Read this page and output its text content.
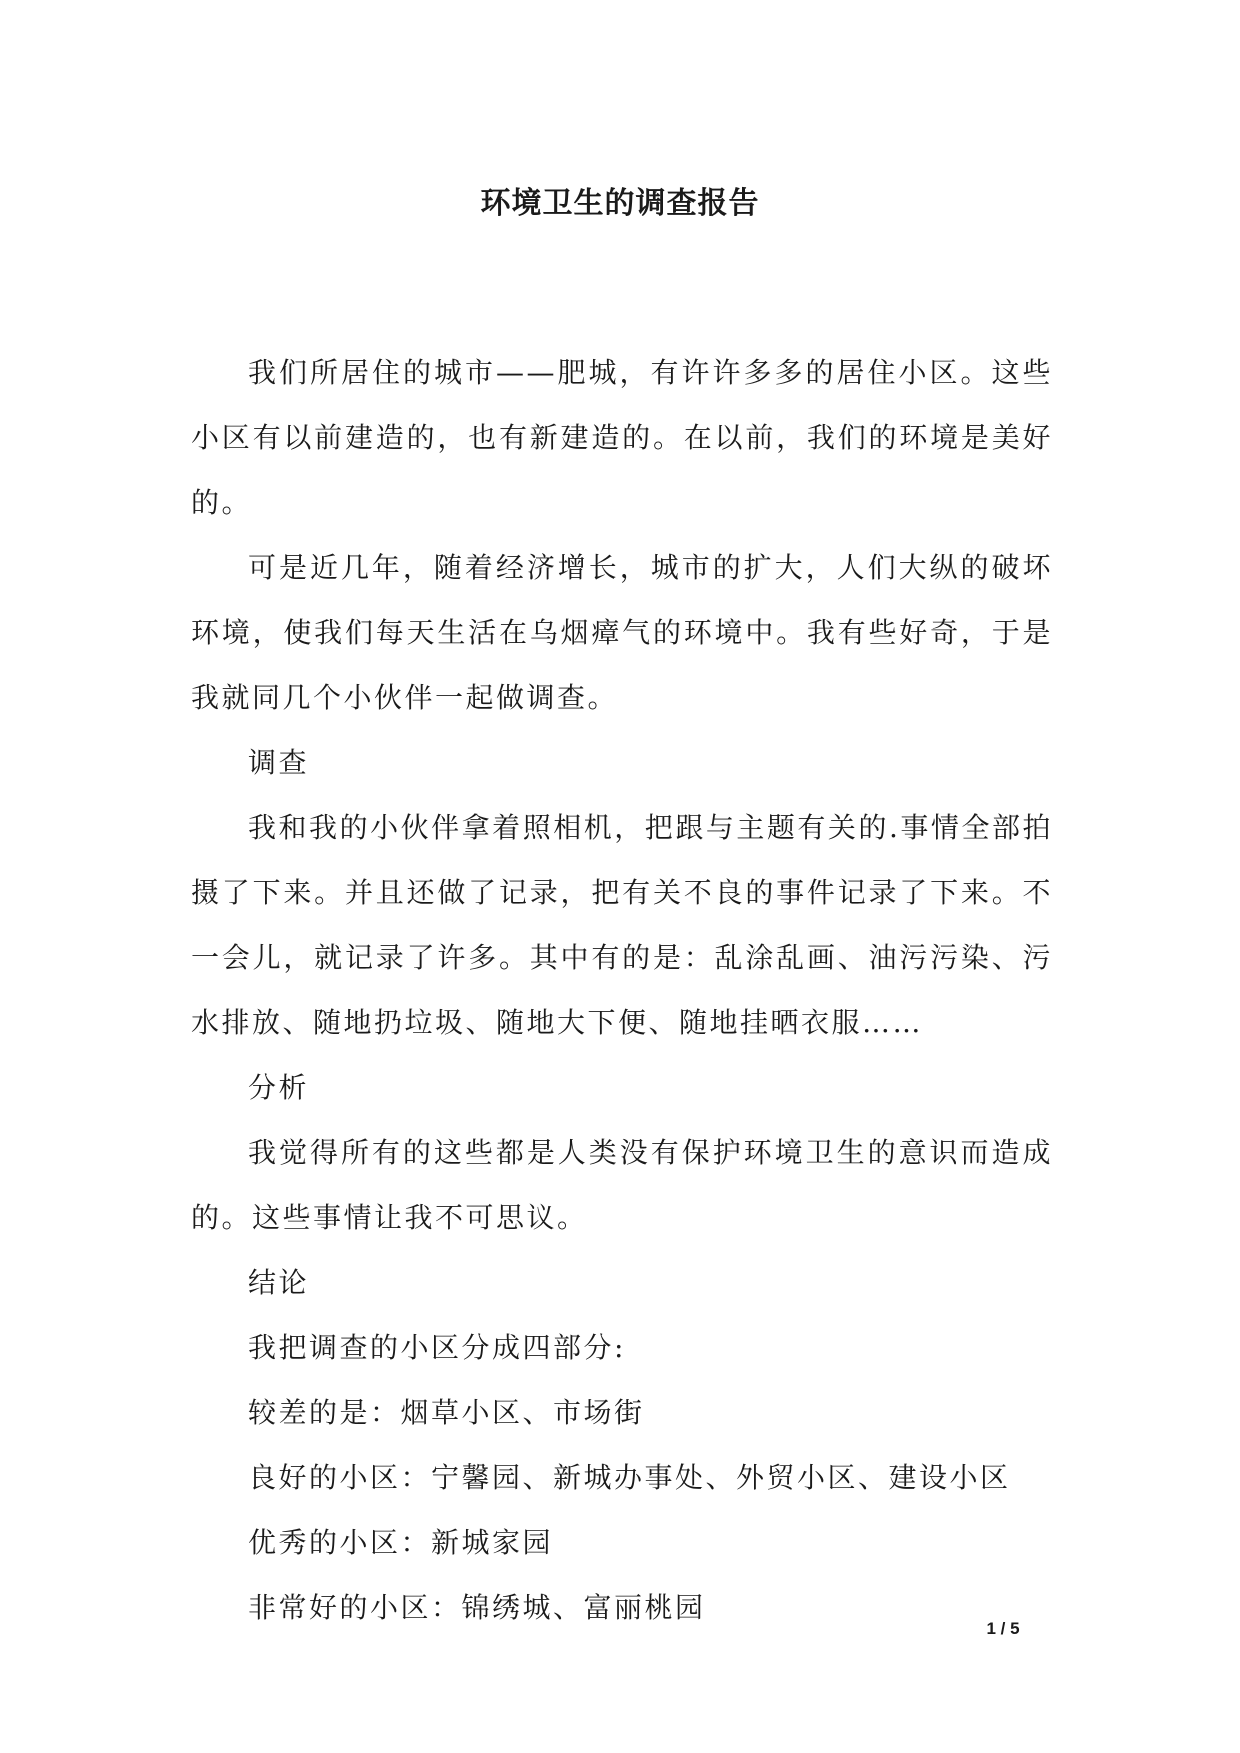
环境卫生的调查报告

我们所居住的城市——肥城，有许许多多的居住小区。这些小区有以前建造的，也有新建造的。在以前，我们的环境是美好的。

可是近几年，随着经济增长，城市的扩大，人们大纵的破坏环境，使我们每天生活在乌烟瘴气的环境中。我有些好奇，于是我就同几个小伙伴一起做调查。

调查

我和我的小伙伴拿着照相机，把跟与主题有关的.事情全部拍摄了下来。并且还做了记录，把有关不良的事件记录了下来。不一会儿，就记录了许多。其中有的是：乱涂乱画、油污污染、污水排放、随地扔垃圾、随地大下便、随地挂晒衣服……

分析

我觉得所有的这些都是人类没有保护环境卫生的意识而造成的。这些事情让我不可思议。

结论

我把调查的小区分成四部分:

较差的是：烟草小区、市场街

良好的小区：宁馨园、新城办事处、外贸小区、建设小区

优秀的小区：新城家园

非常好的小区：锦绣城、富丽桃园

1 / 5
